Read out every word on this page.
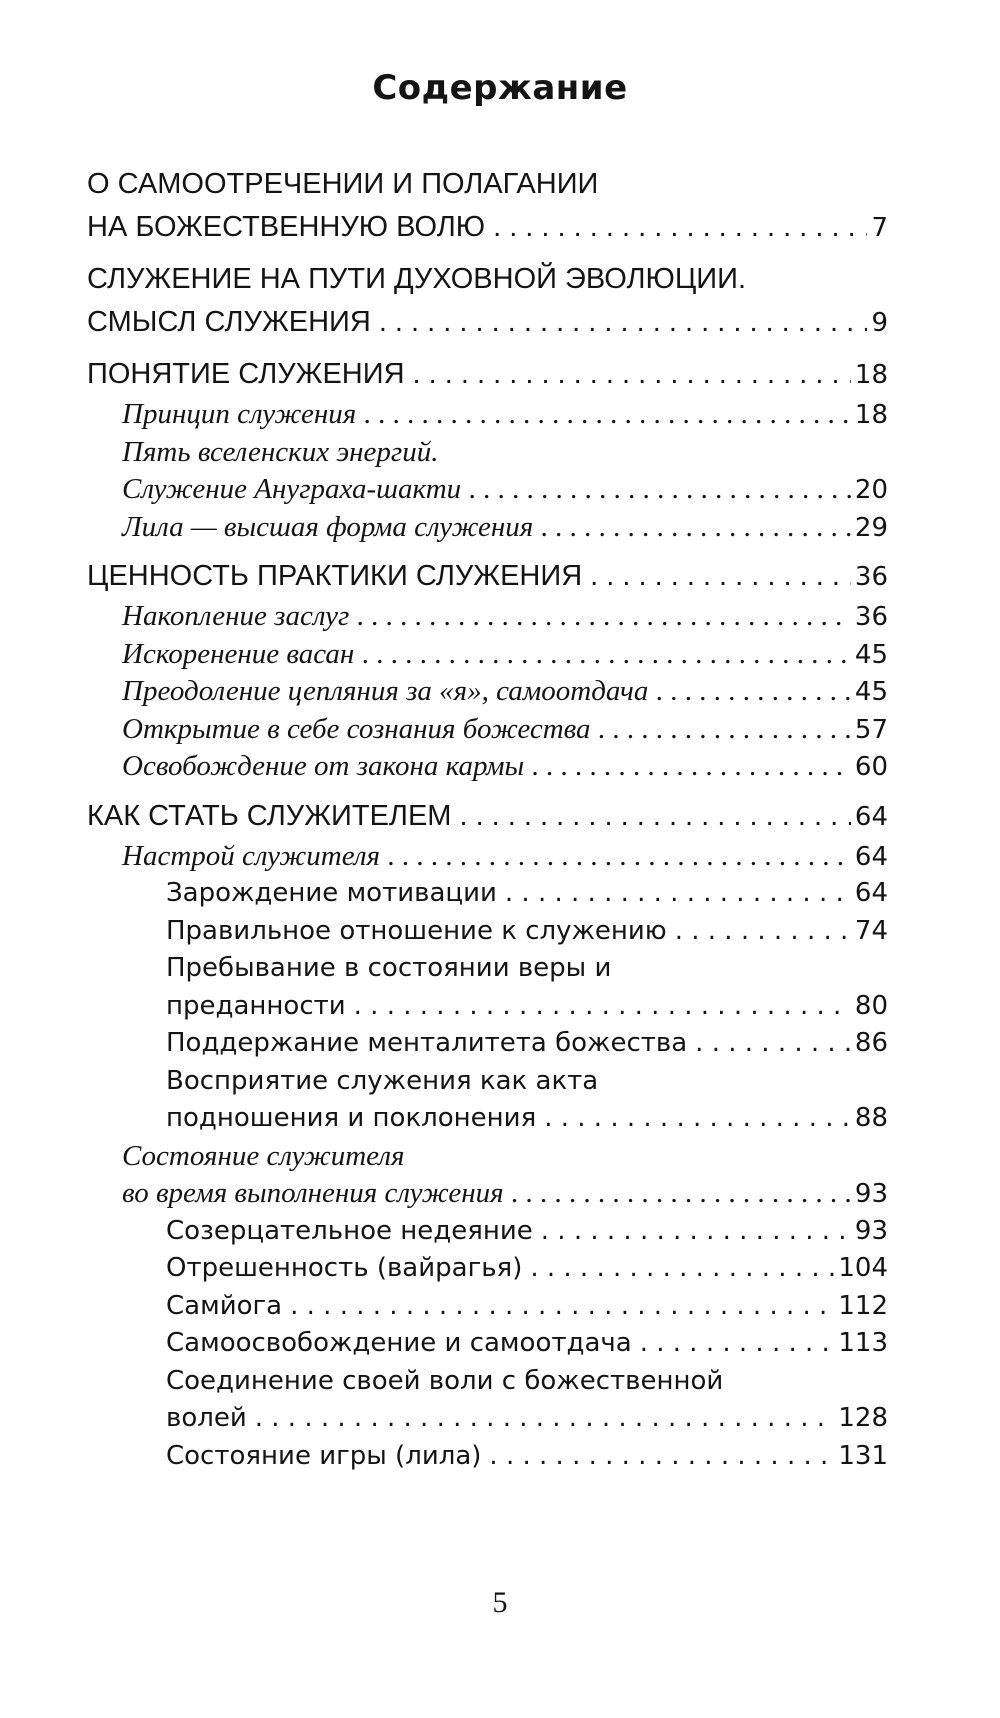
Содержание
О САМООТРЕЧЕНИИ И ПОЛАГАНИИ
НА БОЖЕСТВЕННУЮ ВОЛЮ . . .	7
СЛУЖЕНИЕ НА ПУТИ ДУХОВНОЙ ЭВОЛЮЦИИ.
СМЫСЛ СЛУЖЕНИЯ . . .	9
ПОНЯТИЕ СЛУЖЕНИЯ . . .	18
Принцип служения . . .	18
Пять вселенских энергий.
Служение Ануграха-шакти . . .	20
Лила — высшая форма служения . . .	29
ЦЕННОСТЬ ПРАКТИКИ СЛУЖЕНИЯ . . .	36
Накопление заслуг . . .	36
Искоренение васан . . .	45
Преодоление цепляния за «я», самоотдача . . .	45
Открытие в себе сознания божества . . .	57
Освобождение от закона кармы . . .	60
КАК СТАТЬ СЛУЖИТЕЛЕМ . . .	64
Настрой служителя . . .	64
Зарождение мотивации . . .	64
Правильное отношение к служению . . .	74
Пребывание в состоянии веры и
преданности . . .	80
Поддержание менталитета божества . . .	86
Восприятие служения как акта
подношения и поклонения . . .	88
Состояние служителя
во время выполнения служения . . .	93
Созерцательное недеяние . . .	93
Отрешенность (вайрагья) . . .	104
Самйога . . .	112
Самоосвобождение и самоотдача . . .	113
Соединение своей воли с божественной
волей . . .	128
Состояние игры (лила) . . .	131
5
